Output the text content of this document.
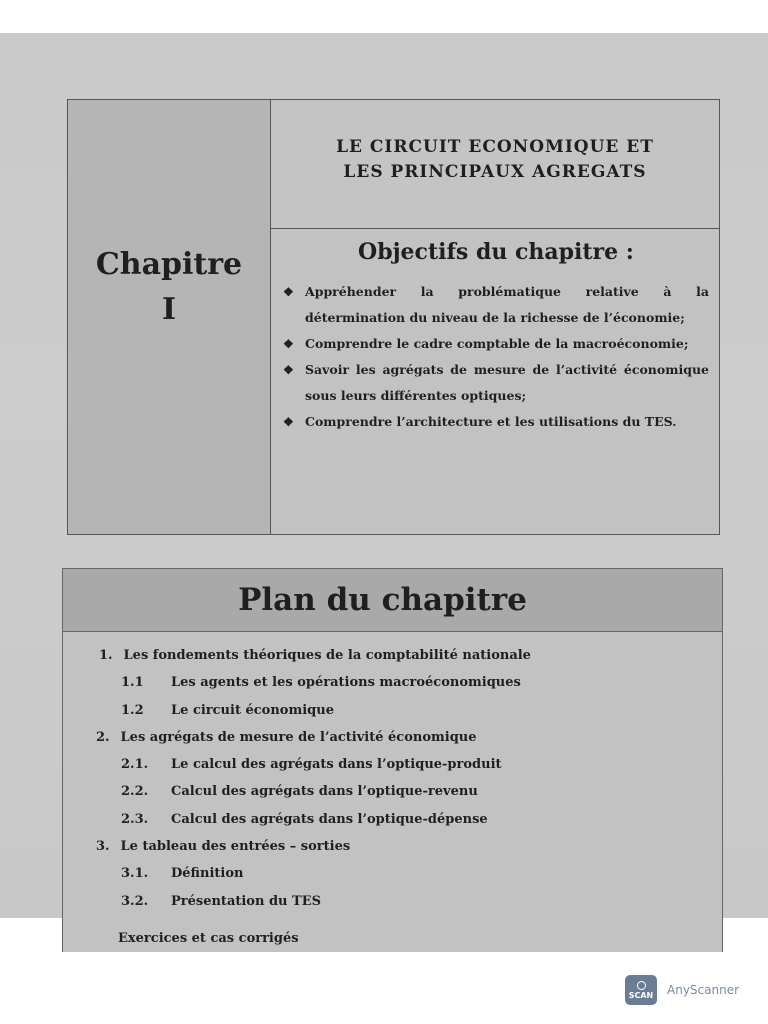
Chapitre
I
LE CIRCUIT ECONOMIQUE ET
LES PRINCIPAUX AGREGATS
Objectifs du chapitre :
❖ Appréhender la problématique relative à la détermination du niveau de la richesse de l’économie;
❖ Comprendre le cadre comptable de la macroéconomie;
❖ Savoir les agrégats de mesure de l’activité économique sous leurs différentes optiques;
❖ Comprendre l’architecture et les utilisations du TES.
Plan du chapitre
1. Les fondements théoriques de la comptabilité nationale
1.1 Les agents et les opérations macroéconomiques
1.2 Le circuit économique
2. Les agrégats de mesure de l’activité économique
2.1. Le calcul des agrégats dans l’optique-produit
2.2. Calcul des agrégats dans l’optique-revenu
2.3. Calcul des agrégats dans l’optique-dépense
3. Le tableau des entrées – sorties
3.1. Définition
3.2. Présentation du TES
Exercices et cas corrigés
SCAN AnyScanner
